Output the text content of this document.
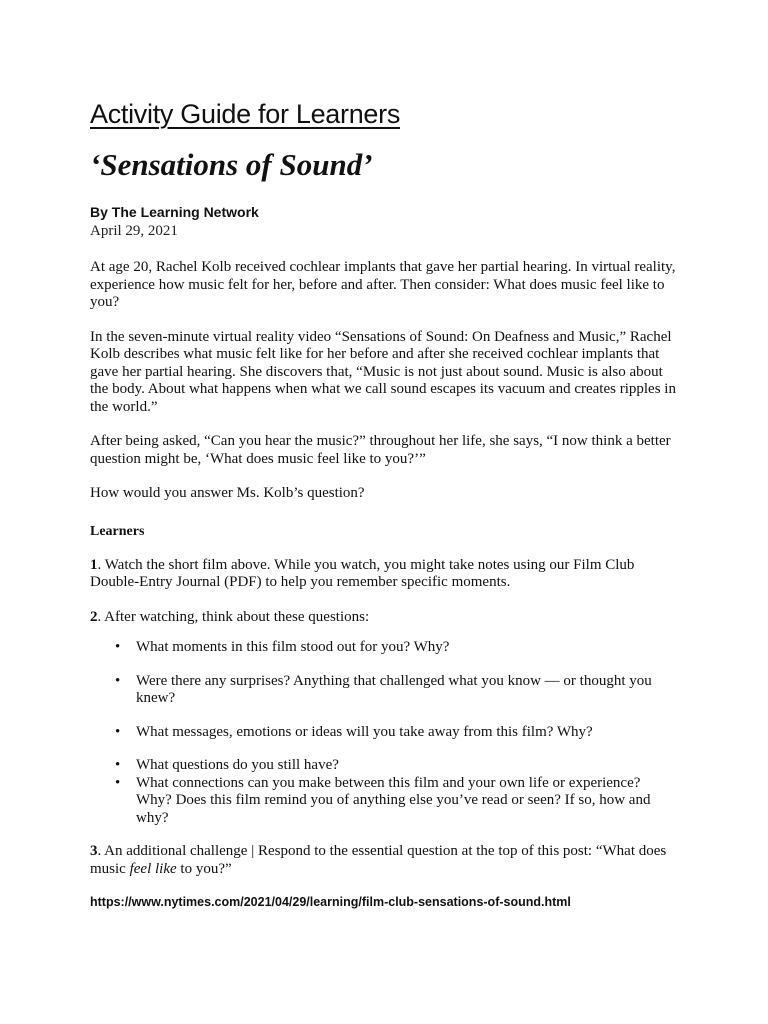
Activity Guide for Learners
‘Sensations of Sound’
By The Learning Network
April 29, 2021

At age 20, Rachel Kolb received cochlear implants that gave her partial hearing. In virtual reality, experience how music felt for her, before and after. Then consider: What does music feel like to you?

In the seven-minute virtual reality video “Sensations of Sound: On Deafness and Music,” Rachel Kolb describes what music felt like for her before and after she received cochlear implants that gave her partial hearing. She discovers that, “Music is not just about sound. Music is also about the body. About what happens when what we call sound escapes its vacuum and creates ripples in the world.”

After being asked, “Can you hear the music?” throughout her life, she says, “I now think a better question might be, ‘What does music feel like to you?’”

How would you answer Ms. Kolb’s question?

Learners

1. Watch the short film above. While you watch, you might take notes using our Film Club Double-Entry Journal (PDF) to help you remember specific moments.

2. After watching, think about these questions:

• What moments in this film stood out for you? Why?
• Were there any surprises? Anything that challenged what you know — or thought you knew?
• What messages, emotions or ideas will you take away from this film? Why?
• What questions do you still have?
• What connections can you make between this film and your own life or experience? Why? Does this film remind you of anything else you’ve read or seen? If so, how and why?

3. An additional challenge | Respond to the essential question at the top of this post: “What does music feel like to you?”

https://www.nytimes.com/2021/04/29/learning/film-club-sensations-of-sound.html
